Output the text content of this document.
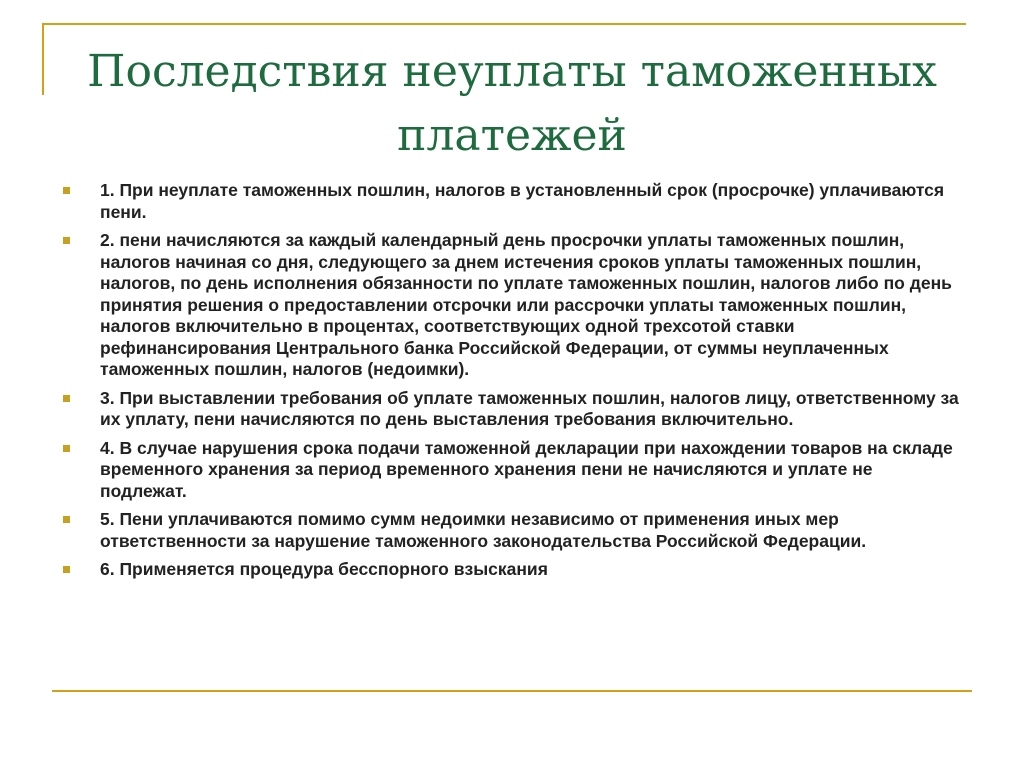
Последствия неуплаты таможенных платежей
1. При неуплате таможенных пошлин, налогов в установленный срок (просрочке) уплачиваются пени.
2. пени начисляются за каждый календарный день просрочки уплаты таможенных пошлин, налогов начиная со дня, следующего за днем истечения сроков уплаты таможенных пошлин, налогов, по день исполнения обязанности по уплате таможенных пошлин, налогов либо по день принятия решения о предоставлении отсрочки или рассрочки уплаты таможенных пошлин, налогов включительно в процентах, соответствующих одной трехсотой ставки рефинансирования Центрального банка Российской Федерации, от суммы неуплаченных таможенных пошлин, налогов (недоимки).
3. При выставлении требования об уплате таможенных пошлин, налогов лицу, ответственному за их уплату, пени начисляются по день выставления требования включительно.
4. В случае нарушения срока подачи таможенной декларации при нахождении товаров на складе временного хранения за период временного хранения пени не начисляются и уплате не подлежат.
5. Пени уплачиваются помимо сумм недоимки независимо от применения иных мер ответственности за нарушение таможенного законодательства Российской Федерации.
6. Применяется процедура бесспорного взыскания
